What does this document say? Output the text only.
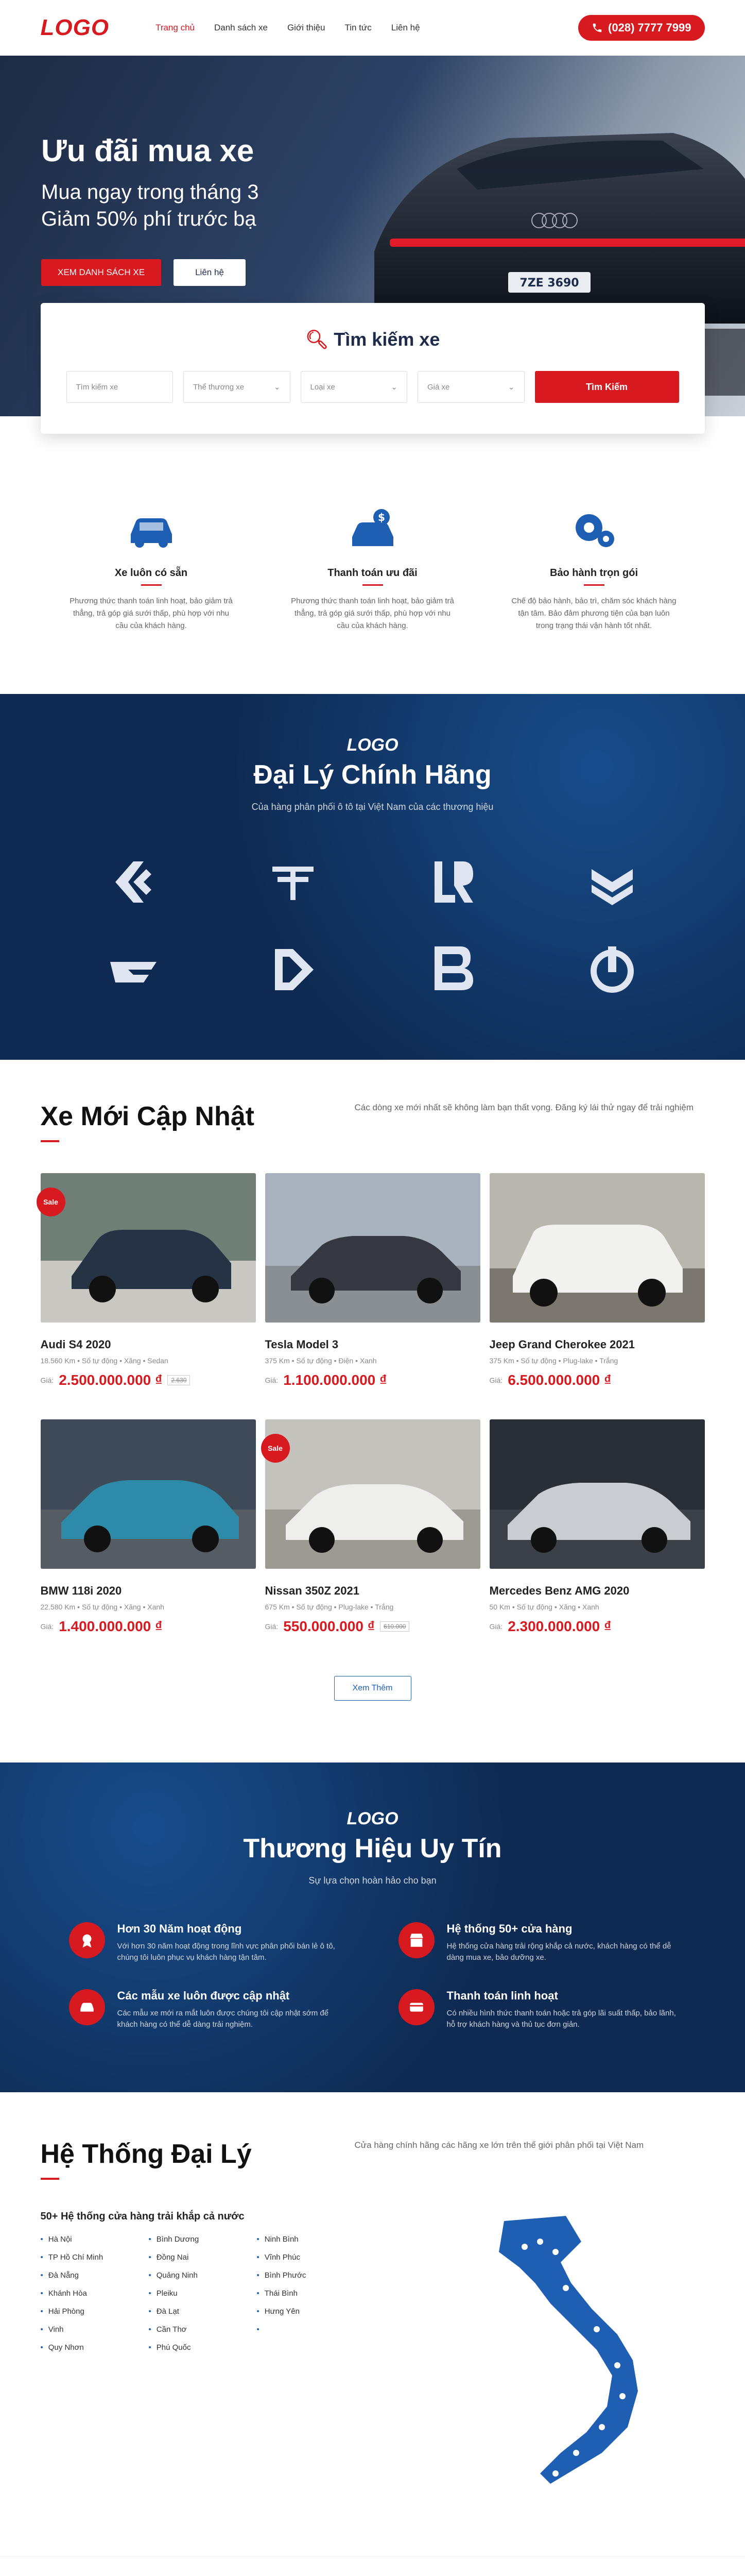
LOGO	Trang chủ Danh sách xe Giới thiệu Tin tức Liên hệ	(028) 7777 7999
7ZE 3690
Ưu đãi mua xe

Mua ngay trong tháng 3

Giảm 50% phí trước bạ

XEM DANH SÁCH XE	Liên hệ
🔍︎ Tìm kiếm xe
Tìm kiếm xe	Thể thương xe	⌄	Loại xe	⌄	Giá xe	⌄	Tìm Kiếm
Xe luôn có sẵn

Phương thức thanh toán linh hoạt, bảo giảm trả thẳng, trả góp giá sưới thấp, phù hợp với nhu cầu của khách hàng.

$
Thanh toán ưu đãi

Phương thức thanh toán linh hoạt, bảo giảm trả thẳng, trả góp giá sưới thấp, phù hợp với nhu cầu của khách hàng.

Bảo hành trọn gói

Chế độ bảo hành, bảo trì, chăm sóc khách hàng tận tâm. Bảo đảm phương tiện của bạn luôn trong trạng thái vận hành tốt nhất.

LOGO
Đại Lý Chính Hãng

Của hàng phân phối ô tô tại Việt Nam của các thương hiệu

Xe Mới Cập Nhật	Các dòng xe mới nhất sẽ không làm bạn thất vọng. Đăng ký lái thử ngay để trải nghiệm

Sale
Audi S4 2020
18.560 Km • Số tự động • Xăng • Sedan
Giá: 2.500.000.000 ₫	2.630
Tesla Model 3
375 Km • Số tự động • Điện • Xanh
Giá: 1.100.000.000 ₫
Jeep Grand Cherokee 2021
375 Km • Số tự động • Plug-lake • Trắng
Giá: 6.500.000.000 ₫
BMW 118i 2020
22.580 Km • Số tự động • Xăng • Xanh
Giá: 1.400.000.000 ₫
Sale
Nissan 350Z 2021
675 Km • Số tự động • Plug-lake • Trắng
Giá: 550.000.000 ₫	610.000
Mercedes Benz AMG 2020
50 Km • Số tự động • Xăng • Xanh
Giá: 2.300.000.000 ₫
Xem Thêm
LOGO
Thương Hiệu Uy Tín

Sự lựa chọn hoàn hảo cho bạn

Hơn 30 Năm hoạt động

Với hơn 30 năm hoạt động trong lĩnh vực phân phối bán lẻ ô tô, chúng tôi luôn phục vụ khách hàng tận tâm.

Hệ thống 50+ cửa hàng

Hệ thống cửa hàng trải rộng khắp cả nước, khách hàng có thể dễ dàng mua xe, bảo dưỡng xe.

Các mẫu xe luôn được cập nhật

Các mẫu xe mới ra mắt luôn được chúng tôi cập nhật sớm để khách hàng có thể dễ dàng trải nghiệm.

Thanh toán linh hoạt

Có nhiều hình thức thanh toán hoặc trả góp lãi suất thấp, bảo lãnh, hỗ trợ khách hàng và thủ tục đơn giản.

Hệ Thống Đại Lý	Cửa hàng chính hãng các hãng xe lớn trên thế giới phân phối tại Việt Nam

50+ Hệ thống cửa hàng trải khắp cả nước
• Hà Nội	• Bình Dương	• Ninh Bình
• TP Hồ Chí Minh	• Đồng Nai	• Vĩnh Phúc
• Đà Nẵng	• Quảng Ninh	• Bình Phước
• Khánh Hòa	• Pleiku	• Thái Bình
• Hải Phòng	• Đà Lạt	• Hưng Yên
• Vinh	• Cần Thơ
•
• Quy Nhơn	• Phú Quốc
